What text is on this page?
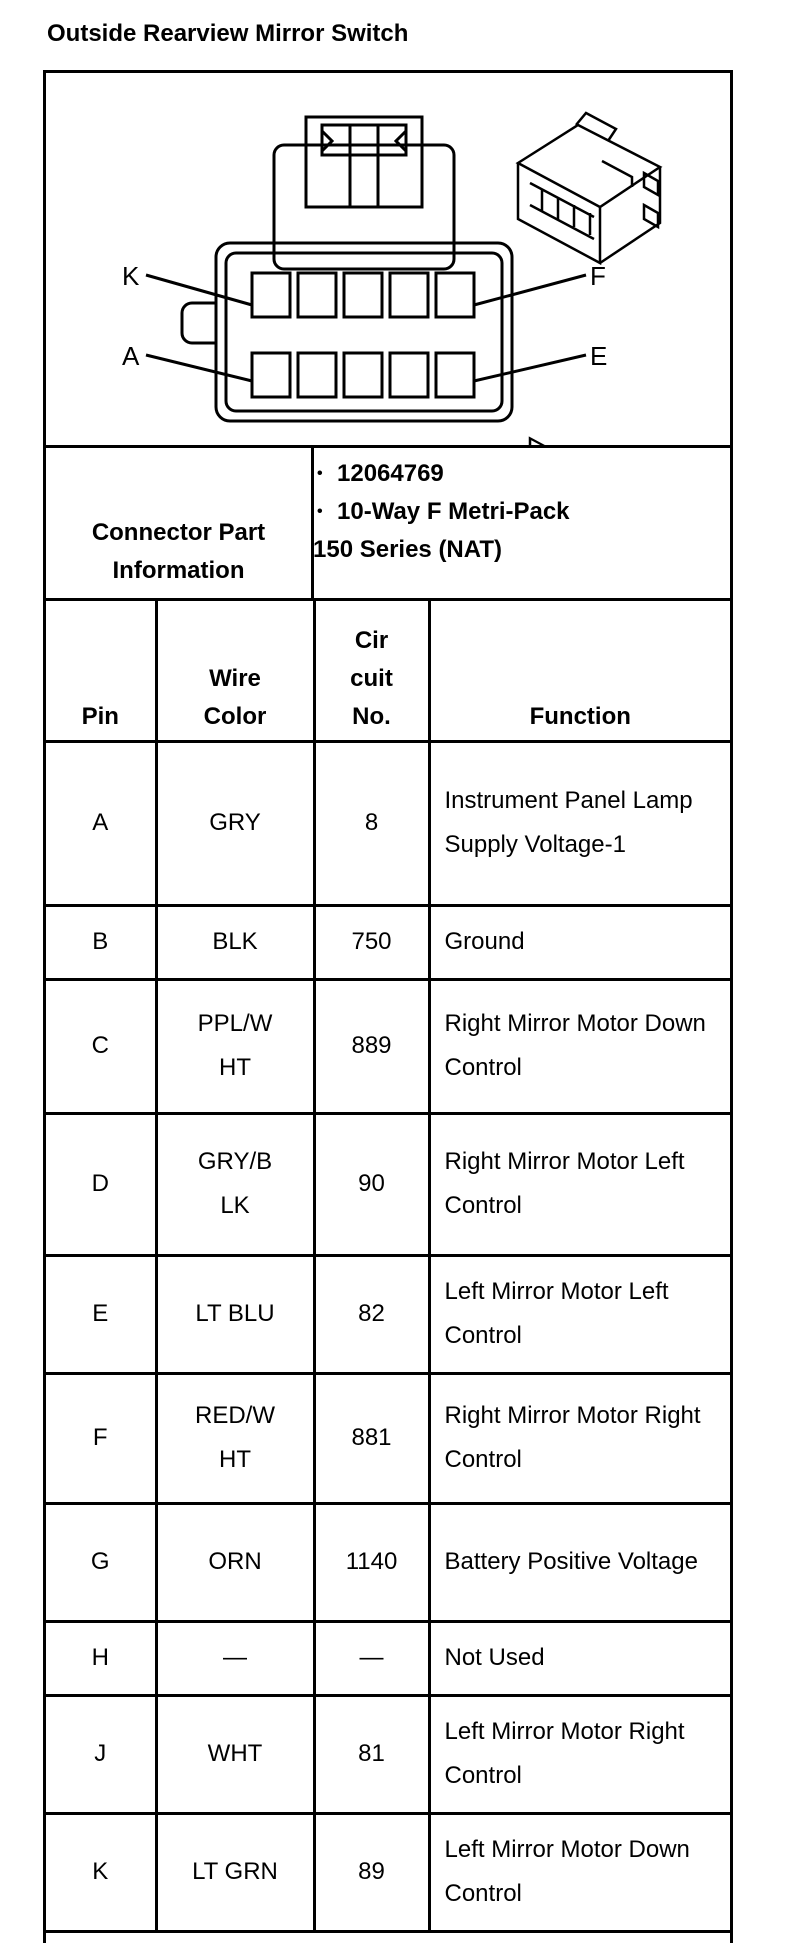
Outside Rearview Mirror Switch
K
A
F
E
Connector Part Information
• 12064769
• 10-Way F Metri-Pack
150 Series (NAT)
Pin	Wire Color	Cir cuit No.	Function
A	GRY	8	Instrument Panel Lamp Supply Voltage-1
B	BLK	750	Ground
C	PPL/W HT	889	Right Mirror Motor Down Control
D	GRY/B LK	90	Right Mirror Motor Left Control
E	LT BLU	82	Left Mirror Motor Left Control
F	RED/W HT	881	Right Mirror Motor Right Control
G	ORN	1140	Battery Positive Voltage
H	—	—	Not Used
J	WHT	81	Left Mirror Motor Right Control
K	LT GRN	89	Left Mirror Motor Down Control
